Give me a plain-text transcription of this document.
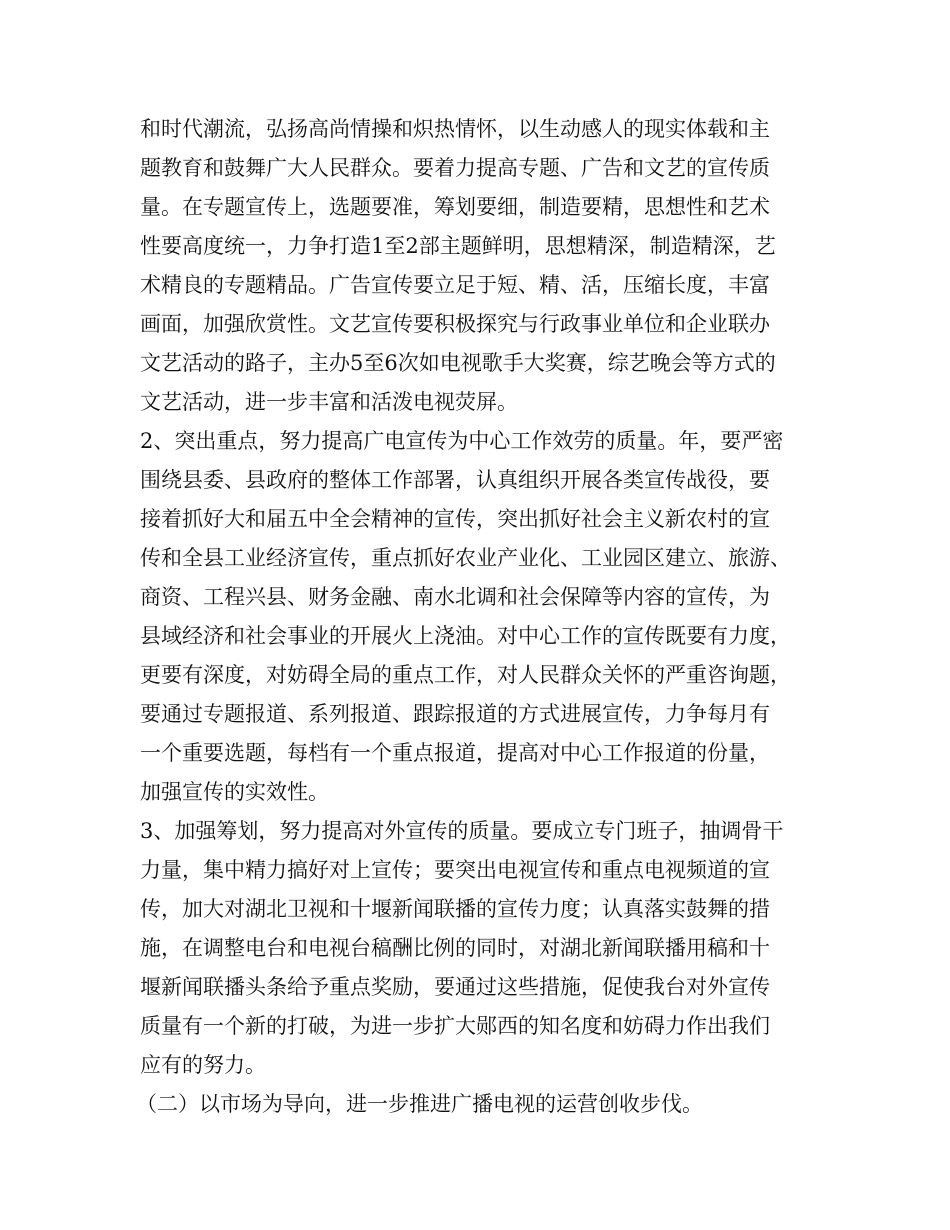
和时代潮流，弘扬高尚情操和炽热情怀，以生动感人的现实体载和主
题教育和鼓舞广大人民群众。要着力提高专题、广告和文艺的宣传质
量。在专题宣传上，选题要准，筹划要细，制造要精，思想性和艺术
性要高度统一，力争打造1至2部主题鲜明，思想精深，制造精深，艺
术精良的专题精品。广告宣传要立足于短、精、活，压缩长度，丰富
画面，加强欣赏性。文艺宣传要积极探究与行政事业单位和企业联办
文艺活动的路子，主办5至6次如电视歌手大奖赛，综艺晚会等方式的
文艺活动，进一步丰富和活泼电视荧屏。
2、突出重点，努力提高广电宣传为中心工作效劳的质量。年，要严密
围绕县委、县政府的整体工作部署，认真组织开展各类宣传战役，要
接着抓好大和届五中全会精神的宣传，突出抓好社会主义新农村的宣
传和全县工业经济宣传，重点抓好农业产业化、工业园区建立、旅游、
商资、工程兴县、财务金融、南水北调和社会保障等内容的宣传，为
县域经济和社会事业的开展火上浇油。对中心工作的宣传既要有力度，
更要有深度，对妨碍全局的重点工作，对人民群众关怀的严重咨询题，
要通过专题报道、系列报道、跟踪报道的方式进展宣传，力争每月有
一个重要选题，每档有一个重点报道，提高对中心工作报道的份量，
加强宣传的实效性。
3、加强筹划，努力提高对外宣传的质量。要成立专门班子，抽调骨干
力量，集中精力搞好对上宣传；要突出电视宣传和重点电视频道的宣
传，加大对湖北卫视和十堰新闻联播的宣传力度；认真落实鼓舞的措
施，在调整电台和电视台稿酬比例的同时，对湖北新闻联播用稿和十
堰新闻联播头条给予重点奖励，要通过这些措施，促使我台对外宣传
质量有一个新的打破，为进一步扩大郧西的知名度和妨碍力作出我们
应有的努力。
（二）以市场为导向，进一步推进广播电视的运营创收步伐。
